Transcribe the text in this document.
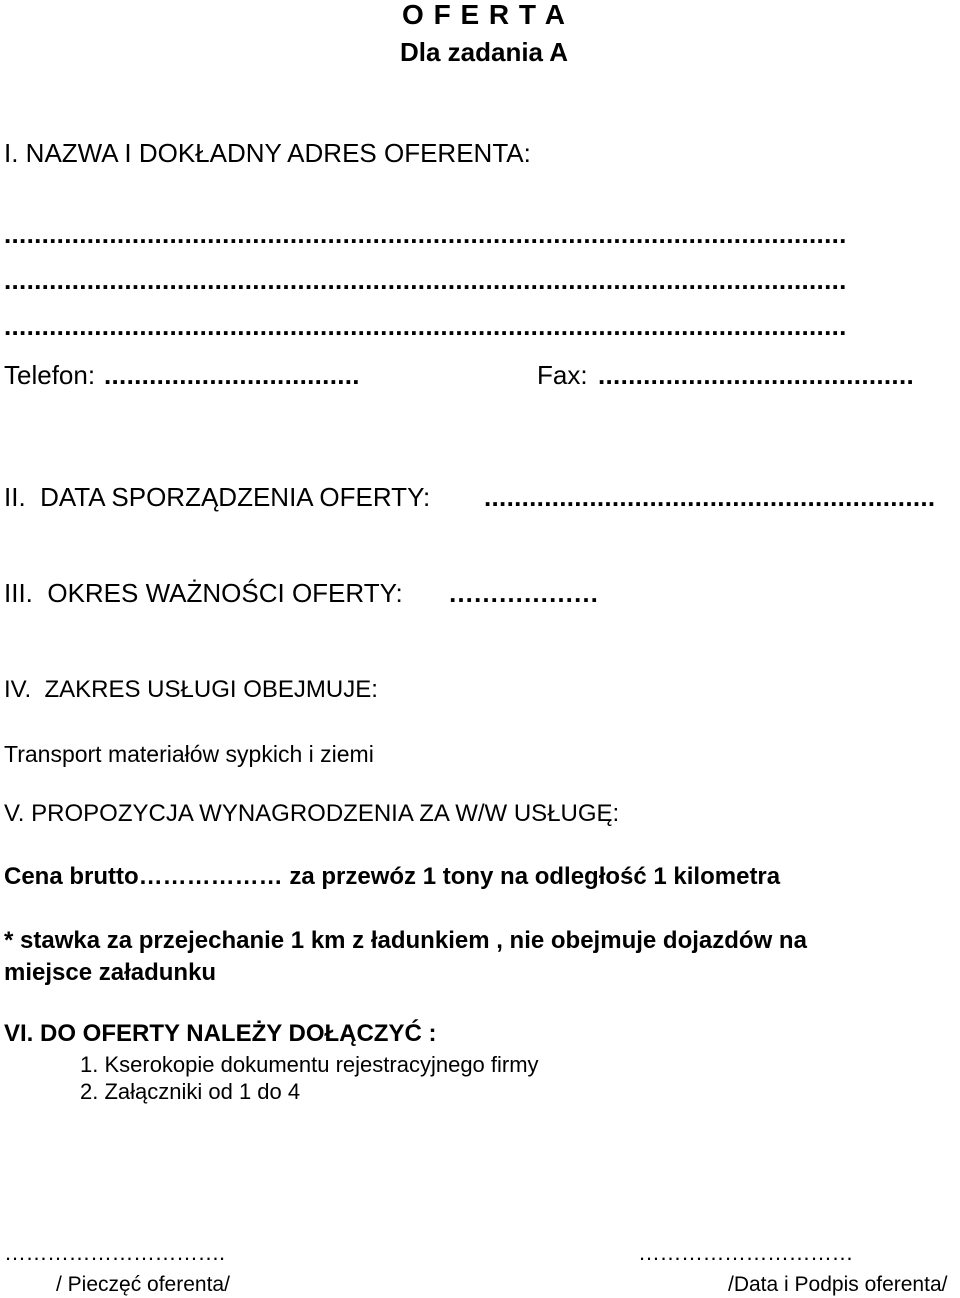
O F E R T A
Dla zadania A
I. NAZWA I DOKŁADNY ADRES OFERENTA:
................................................................................................................
................................................................................................................
................................................................................................................
Telefon: ..................................	Fax: ..........................................
II.  DATA SPORZĄDZENIA OFERTY: ............................................................
III.  OKRES WAŻNOŚCI OFERTY: ………………
IV.  ZAKRES USŁUGI OBEJMUJE:
Transport materiałów sypkich i ziemi
V. PROPOZYCJA WYNAGRODZENIA ZA W/W USŁUGĘ:
Cena brutto……………… za przewóz 1 tony na odległość 1 kilometra
* stawka za przejechanie 1 km z ładunkiem , nie obejmuje dojazdów na
miejsce załadunku
VI. DO OFERTY NALEŻY DOŁĄCZYĆ :
1. Kserokopie dokumentu rejestracyjnego firmy
2. Załączniki od 1 do 4
………………………….
/ Pieczęć oferenta/
…………………………
/Data i Podpis oferenta/
